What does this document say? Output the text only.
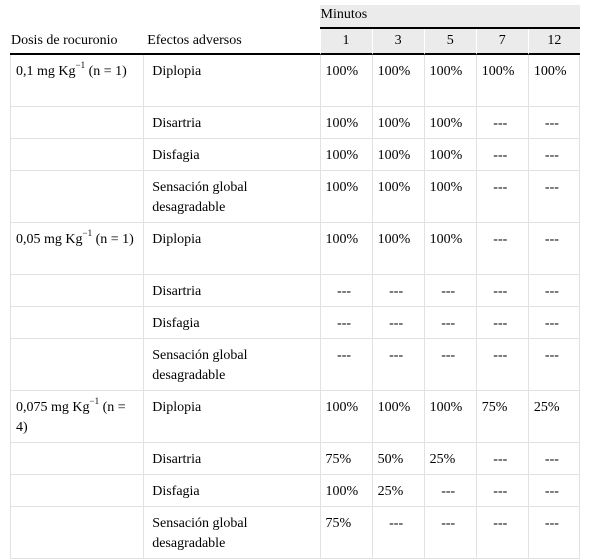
		Minutos				
Dosis de rocuronio	Efectos adversos	1	3	5	7	12
0,1 mg $Kg^{-1}$ (n = 1)	Diplopia	100%	100%	100%	100%	100%
	Disartria	100%	100%	100%	---	---
	Disfagia	100%	100%	100%	---	---
	Sensación global desagradable	100%	100%	100%	---	---
0,05 mg $Kg^{-1}$ (n = 1)	Diplopia	100%	100%	100%	---	---
	Disartria	---	---	---	---	---
	Disfagia	---	---	---	---	---
	Sensación global desagradable	---	---	---	---	---
0,075 mg $Kg^{-1}$ (n = 4)	Diplopia	100%	100%	100%	75%	25%
	Disartria	75%	50%	25%	---	---
	Disfagia	100%	25%	---	---	---
	Sensación global desagradable	75%	---	---	---	---
